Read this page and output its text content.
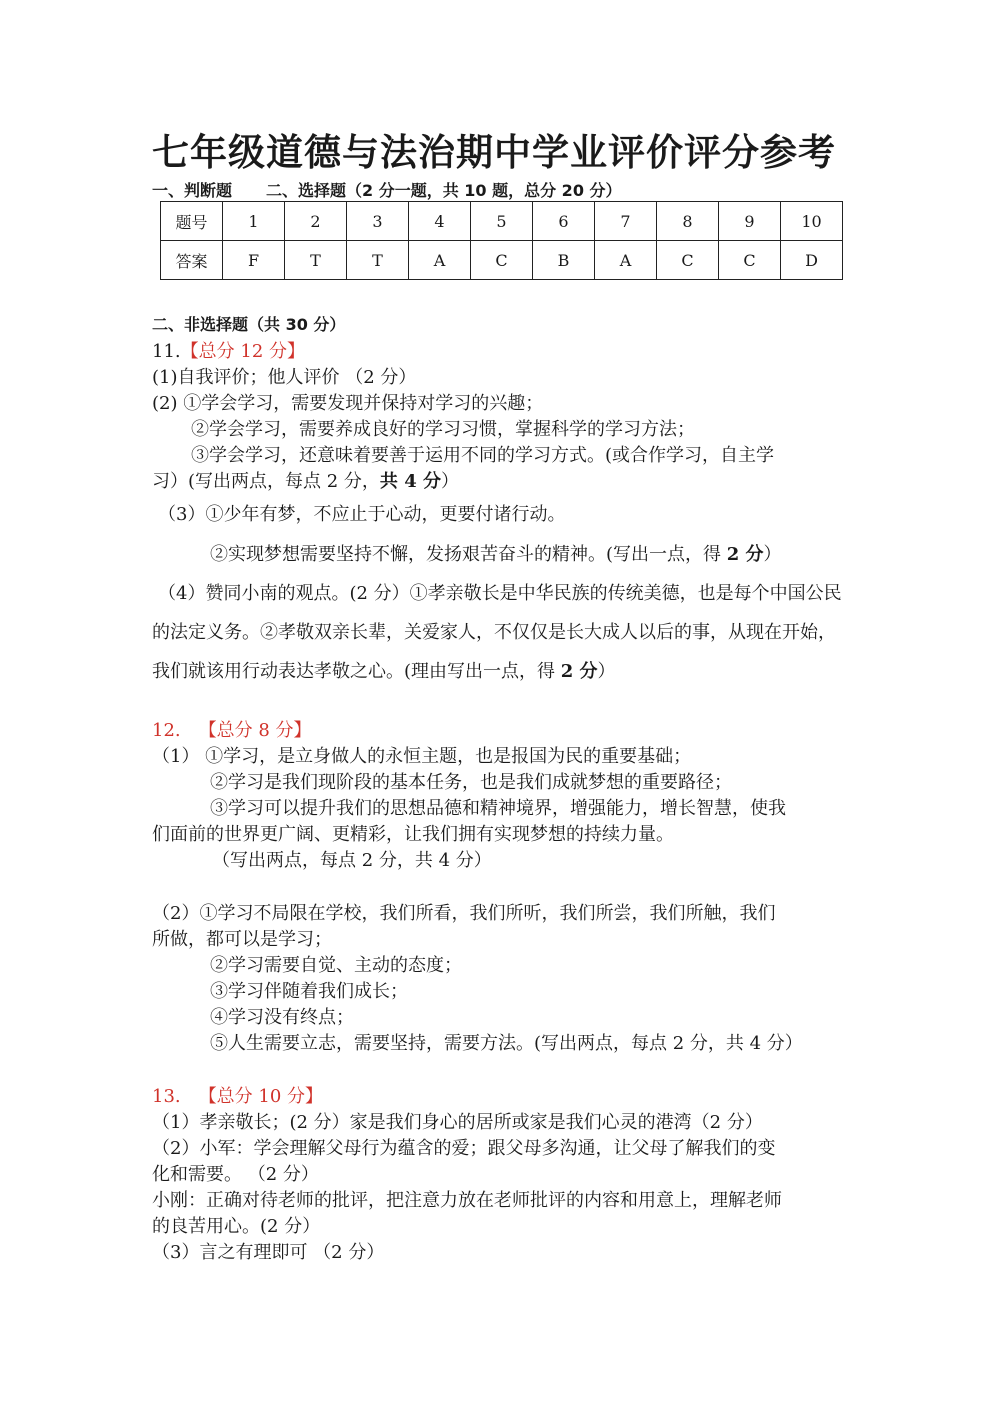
七年级道德与法治期中学业评价评分参考
一、判断题 二、选择题（2 分一题，共 10 题，总分 20 分）
题号	1	2	3	4	5	6	7	8	9	10
答案	F	T	T	A	C	B	A	C	C	D
二、非选择题（共 30 分）
11.【总分 12 分】
(1)自我评价；他人评价 （2 分）
(2) ①学会学习，需要发现并保持对学习的兴趣；
②学会学习，需要养成良好的学习习惯，掌握科学的学习方法；
③学会学习，还意味着要善于运用不同的学习方式。(或合作学习，自主学
习）(写出两点，每点 2 分，共 4 分）
（3）①少年有梦，不应止于心动，更要付诸行动。
②实现梦想需要坚持不懈，发扬艰苦奋斗的精神。(写出一点，得 2 分）
（4）赞同小南的观点。(2 分）①孝亲敬长是中华民族的传统美德，也是每个中国公民
的法定义务。②孝敬双亲长辈，关爱家人，不仅仅是长大成人以后的事，从现在开始，
我们就该用行动表达孝敬之心。(理由写出一点，得 2 分）
12. 【总分 8 分】
（1） ①学习，是立身做人的永恒主题，也是报国为民的重要基础；
②学习是我们现阶段的基本任务，也是我们成就梦想的重要路径；
③学习可以提升我们的思想品德和精神境界，增强能力，增长智慧，使我
们面前的世界更广阔、更精彩，让我们拥有实现梦想的持续力量。
（写出两点，每点 2 分，共 4 分）
（2）①学习不局限在学校，我们所看，我们所听，我们所尝，我们所触，我们
所做，都可以是学习；
②学习需要自觉、主动的态度；
③学习伴随着我们成长；
④学习没有终点；
⑤人生需要立志，需要坚持，需要方法。(写出两点，每点 2 分，共 4 分）
13. 【总分 10 分】
（1）孝亲敬长；(2 分）家是我们身心的居所或家是我们心灵的港湾（2 分）
（2）小军：学会理解父母行为蕴含的爱；跟父母多沟通，让父母了解我们的变
化和需要。 （2 分）
小刚：正确对待老师的批评，把注意力放在老师批评的内容和用意上，理解老师
的良苦用心。(2 分）
（3）言之有理即可 （2 分）
